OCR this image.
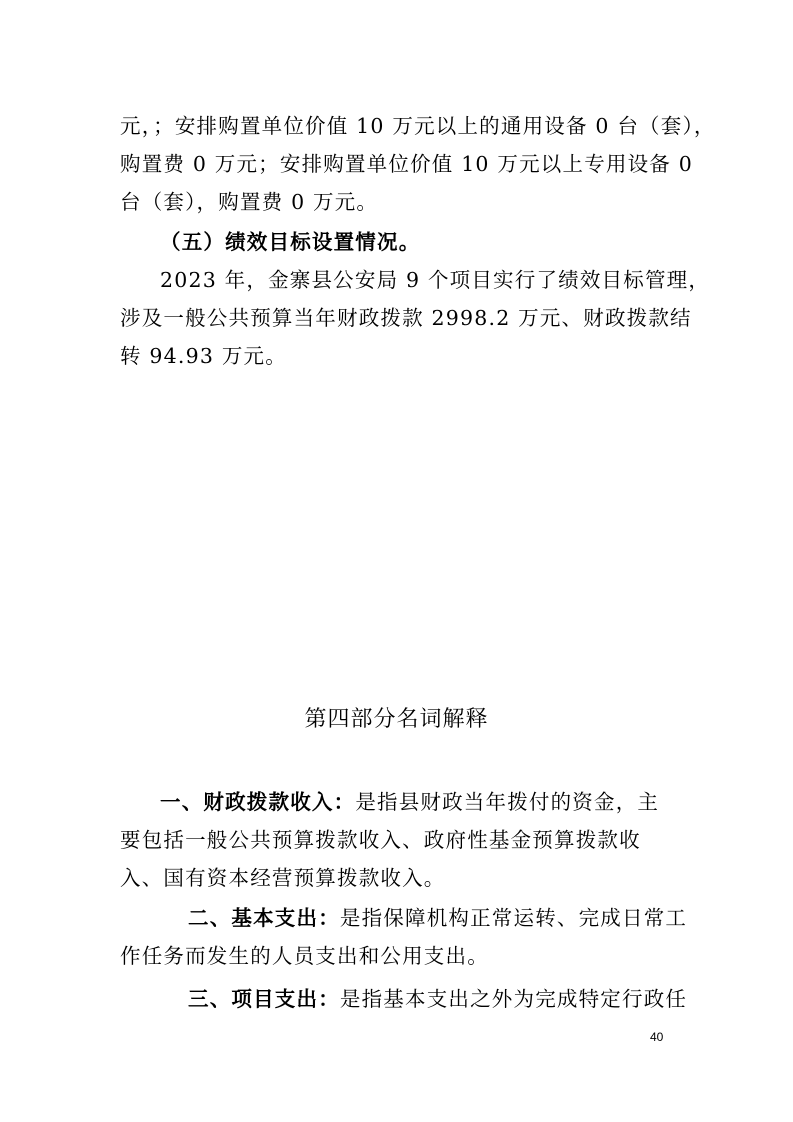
元，；安排购置单位价值 10 万元以上的通用设备 0 台（套），
购置费 0 万元；安排购置单位价值 10 万元以上专用设备 0
台（套），购置费 0 万元。
（五）绩效目标设置情况。
2023 年，金寨县公安局 9 个项目实行了绩效目标管理，
涉及一般公共预算当年财政拨款 2998.2 万元、财政拨款结
转 94.93 万元。
第四部分名词解释
一、财政拨款收入：是指县财政当年拨付的资金，主
要包括一般公共预算拨款收入、政府性基金预算拨款收
入、国有资本经营预算拨款收入。
二、基本支出：是指保障机构正常运转、完成日常工
作任务而发生的人员支出和公用支出。
三、项目支出：是指基本支出之外为完成特定行政任
40
